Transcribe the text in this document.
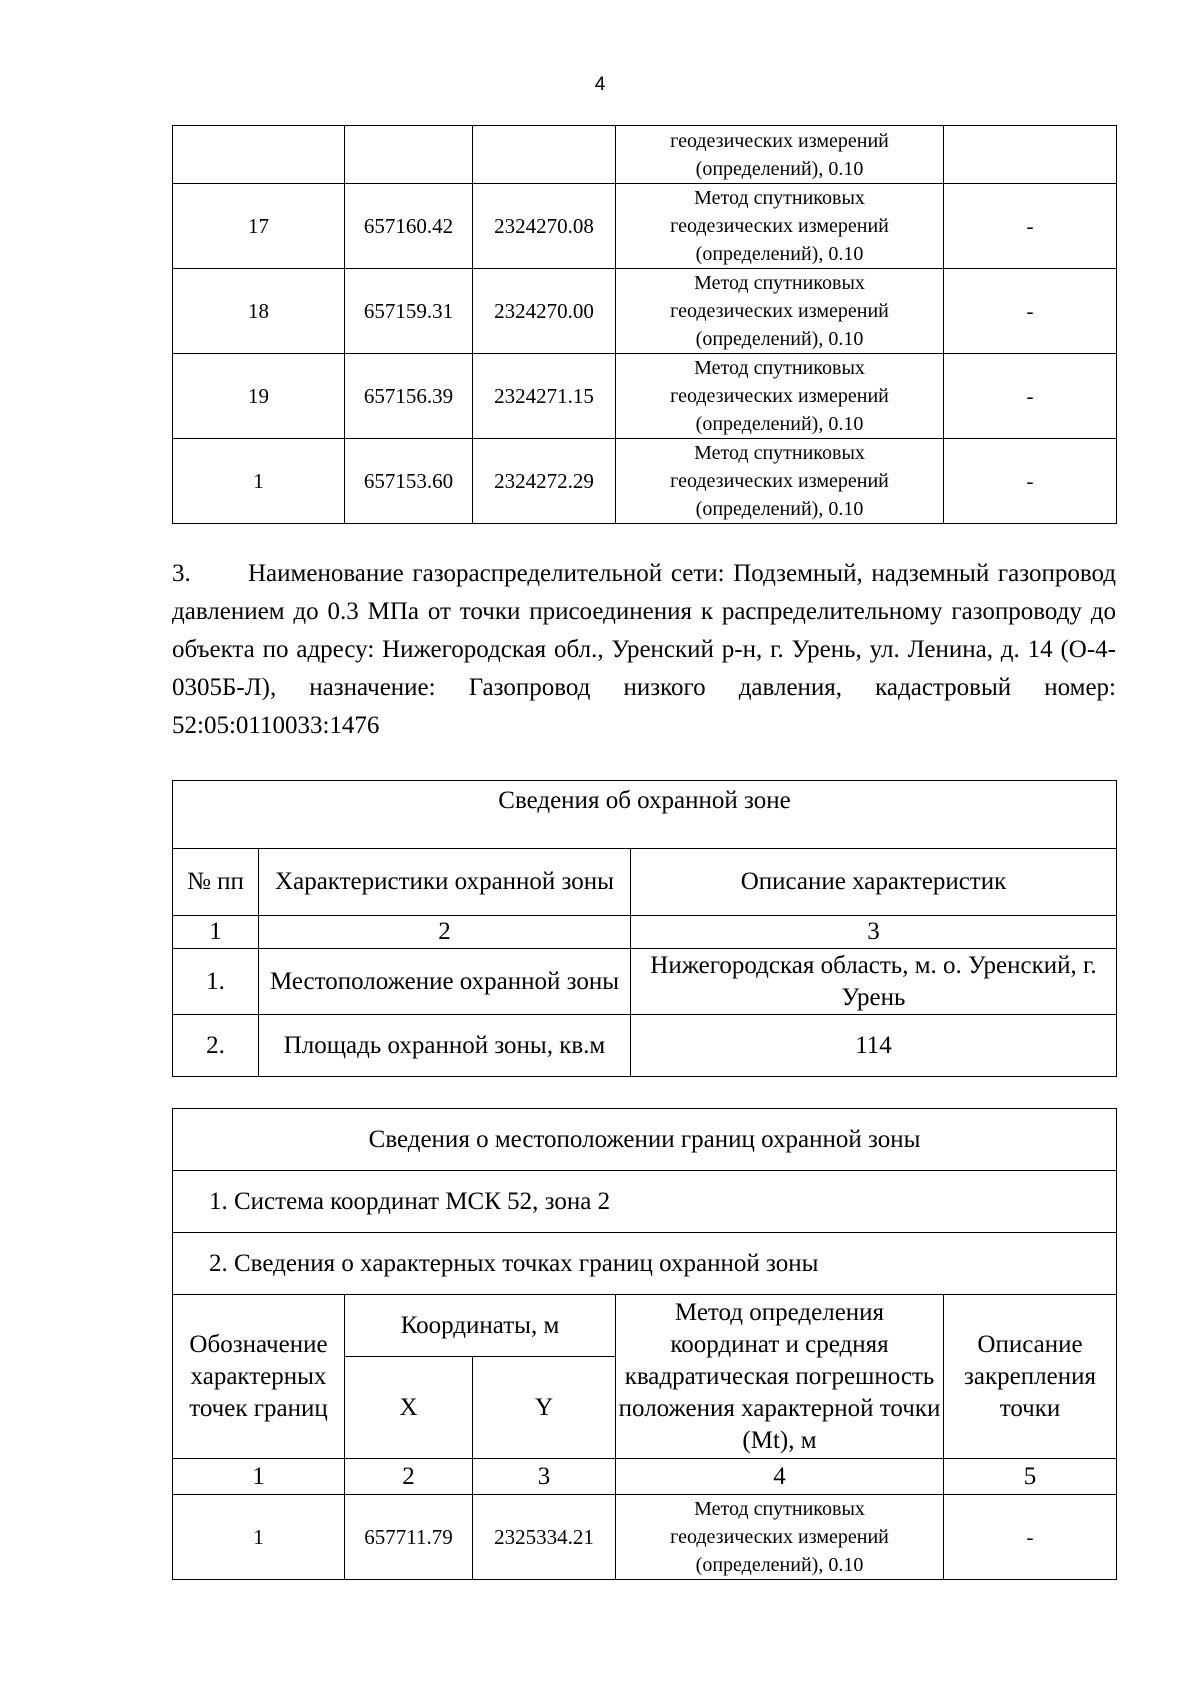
4

			геодезических измерений
(определений), 0.10	

17	657160.42	2324270.08	Метод спутниковых
геодезических измерений
(определений), 0.10	-
18	657159.31	2324270.00	Метод спутниковых
геодезических измерений
(определений), 0.10	-
19	657156.39	2324271.15	Метод спутниковых
геодезических измерений
(определений), 0.10	-
1	657153.60	2324272.29	Метод спутниковых
геодезических измерений
(определений), 0.10	-

3. Наименование газораспределительной сети: Подземный, надземный газопровод давлением до 0.3 МПа от точки присоединения к распределительному газопроводу до объекта по адресу: Нижегородская обл., Уренский р-н, г. Урень, ул. Ленина, д. 14 (О-4-0305Б-Л), назначение: Газопровод низкого давления, кадастровый номер: 52:05:0110033:1476

Сведения об охранной зоне		
№ пп	Характеристики охранной зоны	Описание характеристик
1	2	3
1.	Местоположение охранной зоны	Нижегородская область, м. о. Уренский, г. Урень
2.	Площадь охранной зоны, кв.м	114
Сведения о местоположении границ охранной зоны				
1. Система координат МСК 52, зона 2				
2. Сведения о характерных точках границ охранной зоны				
Обозначение характерных точек границ	Координаты, м		Метод определения координат и средняя квадратическая погрешность положения характерной точки (Mt), м	Описание закрепления точки
	X	Y		
1	2	3	4	5
1	657711.79	2325334.21	Метод спутниковых
геодезических измерений
(определений), 0.10	-
